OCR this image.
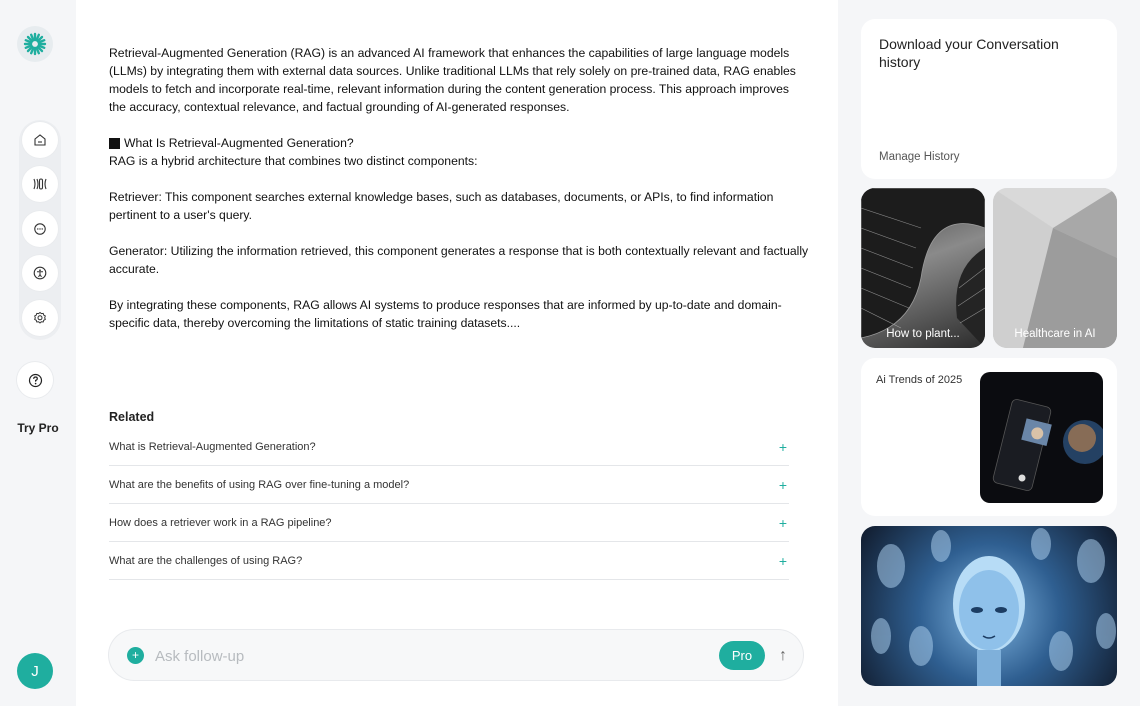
Try Pro
J

Retrieval-Augmented Generation (RAG) is an advanced AI framework that enhances the capabilities of large language models (LLMs) by integrating them with external data sources. Unlike traditional LLMs that rely solely on pre-trained data, RAG enables models to fetch and incorporate real-time, relevant information during the content generation process. This approach improves the accuracy, contextual relevance, and factual grounding of AI-generated responses.

What Is Retrieval-Augmented Generation?

RAG is a hybrid architecture that combines two distinct components:

Retriever: This component searches external knowledge bases, such as databases, documents, or APIs, to find information pertinent to a user's query.

Generator: Utilizing the information retrieved, this component generates a response that is both contextually relevant and factually accurate.

By integrating these components, RAG allows AI systems to produce responses that are informed by up-to-date and domain-specific data, thereby overcoming the limitations of static training datasets....

Related
What is Retrieval-Augmented Generation?	+
What are the benefits of using RAG over fine-tuning a model?	+
How does a retriever work in a RAG pipeline?	+
What are the challenges of using RAG?	+
+
Ask follow-up	Pro	↑
Download your Conversation history
Manage History
How to plant...	Healthcare in AI
Ai Trends of 2025
